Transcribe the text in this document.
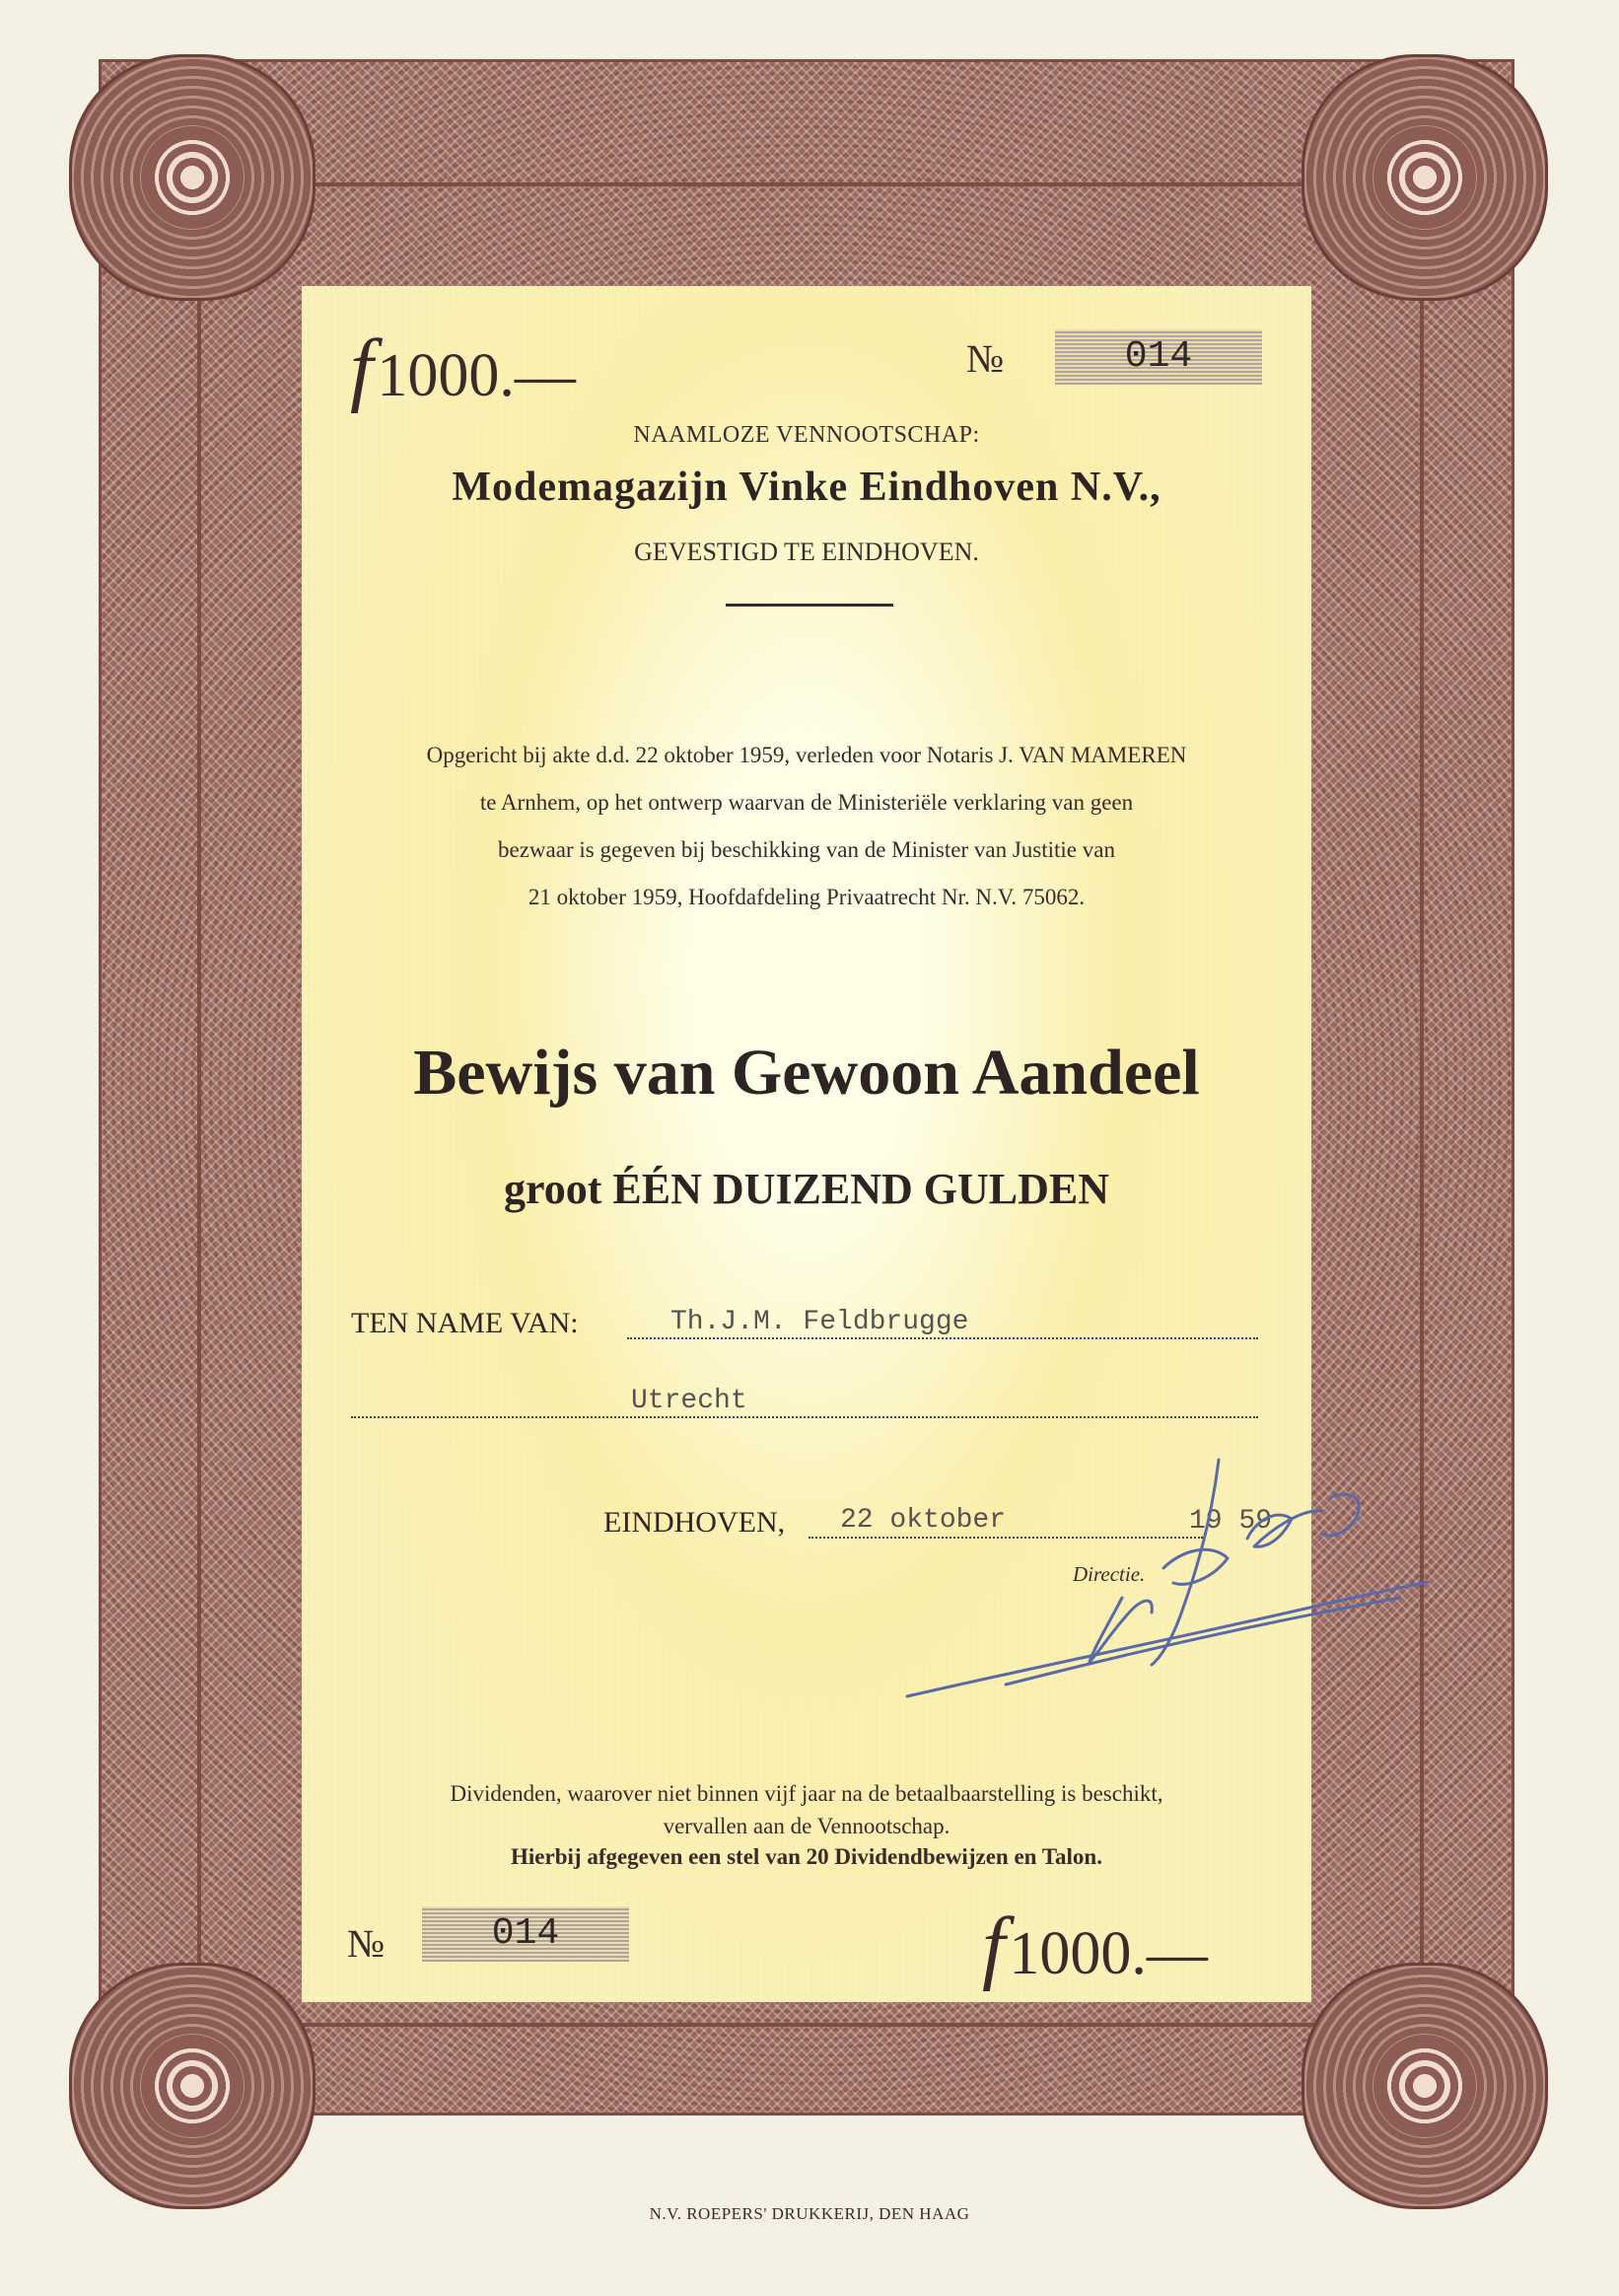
f1000.—	№	014
NAAMLOZE VENNOOTSCHAP:
Modemagazijn Vinke Eindhoven N.V.,
GEVESTIGD TE EINDHOVEN.
Opgericht bij akte d.d. 22 oktober 1959, verleden voor Notaris J. VAN MAMEREN
te Arnhem, op het ontwerp waarvan de Ministeriële verklaring van geen
bezwaar is gegeven bij beschikking van de Minister van Justitie van
21 oktober 1959, Hoofdafdeling Privaatrecht Nr. N.V. 75062.
Bewijs van Gewoon Aandeel
groot ÉÉN DUIZEND GULDEN
TEN NAME VAN:	Th.J.M. Feldbrugge
Utrecht
EINDHOVEN, 22 oktober	19 59
Directie.
Dividenden, waarover niet binnen vijf jaar na de betaalbaarstelling is beschikt,
vervallen aan de Vennootschap.
Hierbij afgegeven een stel van 20 Dividendbewijzen en Talon.
№	014	f1000.—
N.V. ROEPERS' DRUKKERIJ, DEN HAAG
